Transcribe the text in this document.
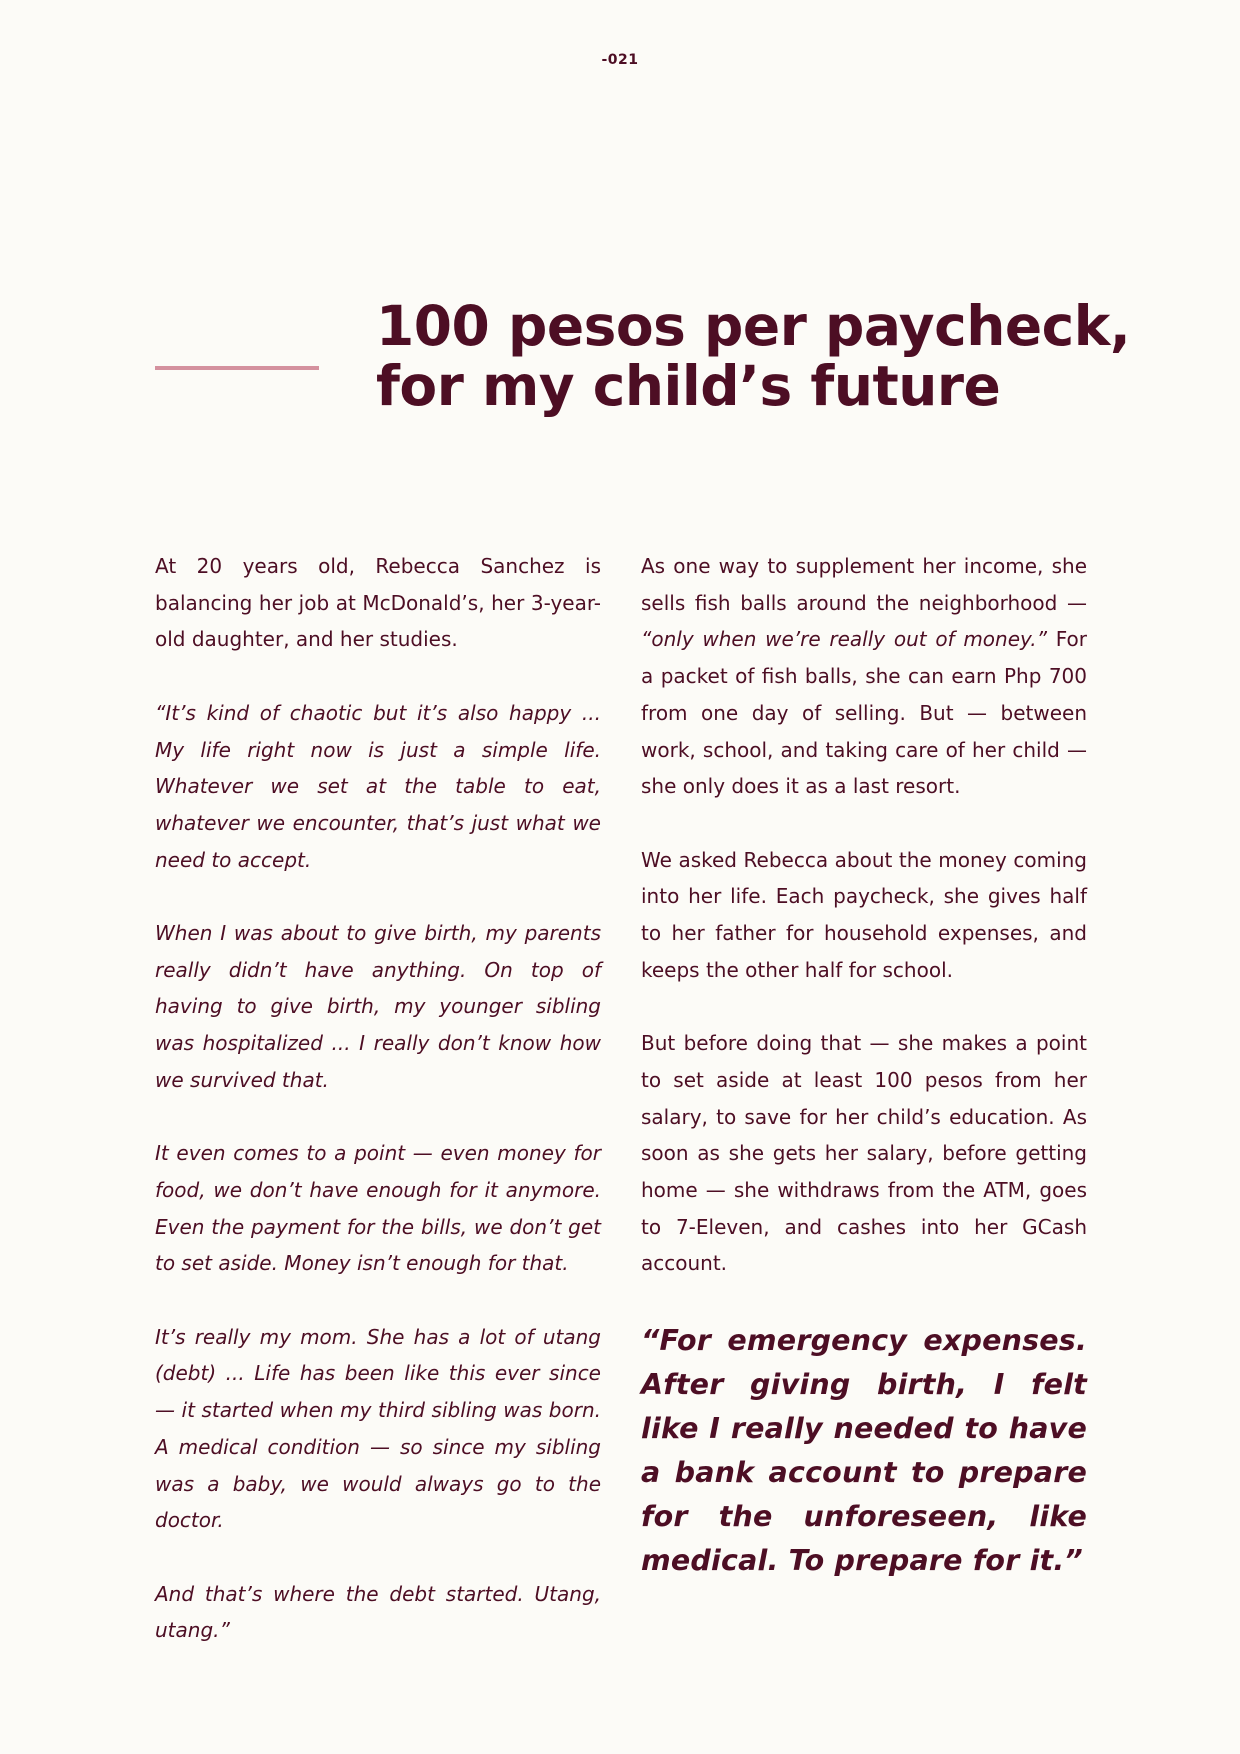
-021
100 pesos per paycheck,
for my child’s future

At 20 years old, Rebecca Sanchez is balancing her job at McDonald’s, her 3-year-old daughter, and her studies.

“It’s kind of chaotic but it’s also happy ... My life right now is just a simple life. Whatever we set at the table to eat, whatever we encounter, that’s just what we need to accept.

When I was about to give birth, my parents really didn’t have anything. On top of having to give birth, my younger sibling was hospitalized ... I really don’t know how we survived that.

It even comes to a point — even money for food, we don’t have enough for it anymore. Even the payment for the bills, we don’t get to set aside. Money isn’t enough for that.

It’s really my mom. She has a lot of utang (debt) ... Life has been like this ever since — it started when my third sibling was born. A medical condition — so since my sibling was a baby, we would always go to the doctor.

And that’s where the debt started. Utang, utang.”

As one way to supplement her income, she sells fish balls around the neighborhood — “only when we’re really out of money.” For a packet of fish balls, she can earn Php 700 from one day of selling. But — between work, school, and taking care of her child — she only does it as a last resort.

We asked Rebecca about the money coming into her life. Each paycheck, she gives half to her father for household expenses, and keeps the other half for school.

But before doing that — she makes a point to set aside at least 100 pesos from her salary, to save for her child’s education. As soon as she gets her salary, before getting home — she withdraws from the ATM, goes to 7-Eleven, and cashes into her GCash account.

“For emergency expenses. After giving birth, I felt like I really needed to have a bank account to prepare for the unforeseen, like medical. To prepare for it.”
